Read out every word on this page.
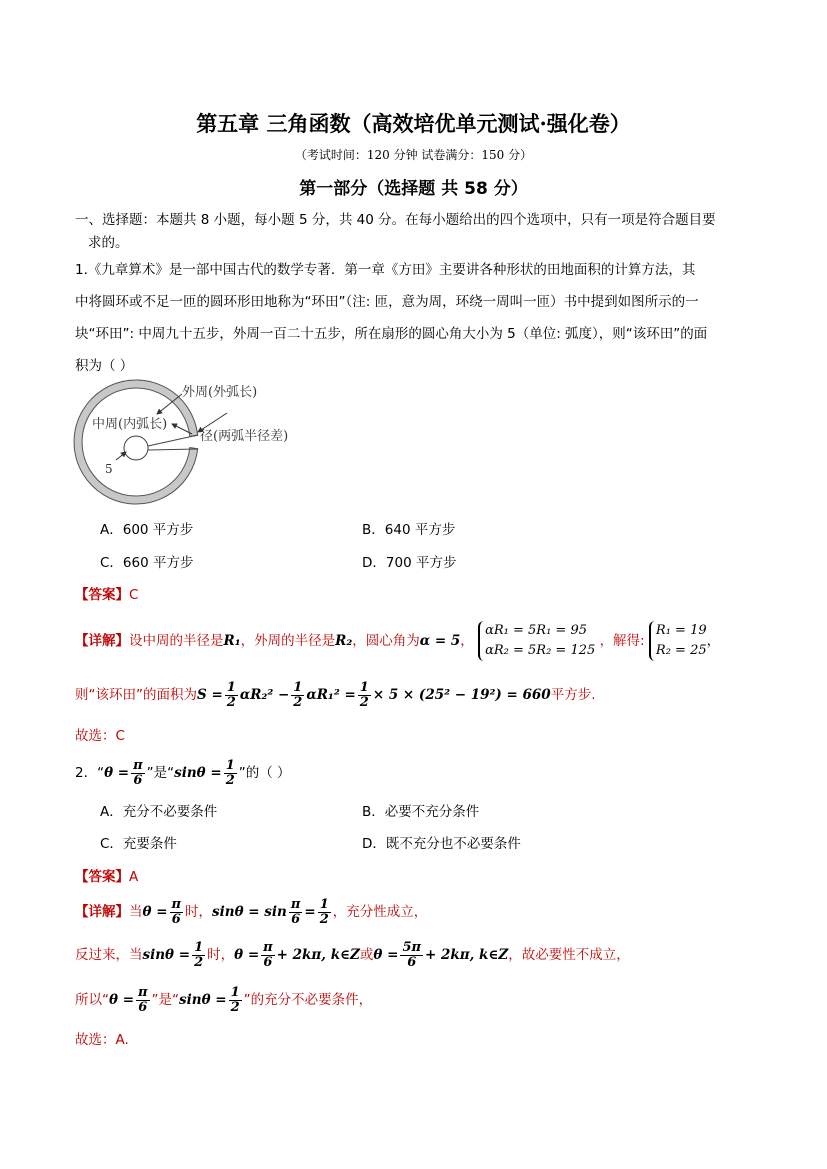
第五章 三角函数（高效培优单元测试·强化卷）
（考试时间：120 分钟 试卷满分：150 分）
第一部分（选择题 共 58 分）
一、选择题：本题共 8 小题，每小题 5 分，共 40 分。在每小题给出的四个选项中，只有一项是符合题目要
求的。
1.《九章算术》是一部中国古代的数学专著．第一章《方田》主要讲各种形状的田地面积的计算方法，其
中将圆环或不足一匝的圆环形田地称为“环田”（注: 匝，意为周，环绕一周叫一匝）书中提到如图所示的一
块“环田”: 中周九十五步，外周一百二十五步，所在扇形的圆心角大小为 5（单位: 弧度），则“该环田”的面
积为（ ）
外周(外弧长)
中周(内弧长)
径(两弧半径差)
5
A．600 平方步	B．640 平方步
C．660 平方步	D．700 平方步
【答案】C
【详解】设中周的半径是R₁，外周的半径是R₂，圆心角为α = 5，
αR₁ = 5R₁ = 95
αR₂ = 5R₂ = 125
，解得:
R₁ = 19
R₂ = 25
，
则“该环田”的面积为$S = \frac{1}{2} \alpha R_2^2 - \frac{1}{2} \alpha R_1^2 = \frac{1}{2} \times 5 \times (25^2 - 19^2) = 660$平方步.
故选：C
2．“$\theta = \frac{\pi}{6}$ ”是“$\sin\theta = \frac{1}{2}$ ”的（ ）
A．充分不必要条件	B．必要不充分条件
C．充要条件	D．既不充分也不必要条件
【答案】A
【详解】当$\theta = \frac{\pi}{6}$ 时，$\sin\theta = \sin \frac{\pi}{6} = \frac{1}{2}$ ，充分性成立，
反过来，当$\sin\theta = \frac{1}{2}$ 时，$\theta = \frac{\pi}{6} + 2k\pi$, k∈Z或$\theta = \frac{5\pi}{6} + 2k\pi$, k∈Z，故必要性不成立，
所以“$\theta = \frac{\pi}{6}$ ”是“$\sin\theta = \frac{1}{2}$ ”的充分不必要条件，
故选：A.
